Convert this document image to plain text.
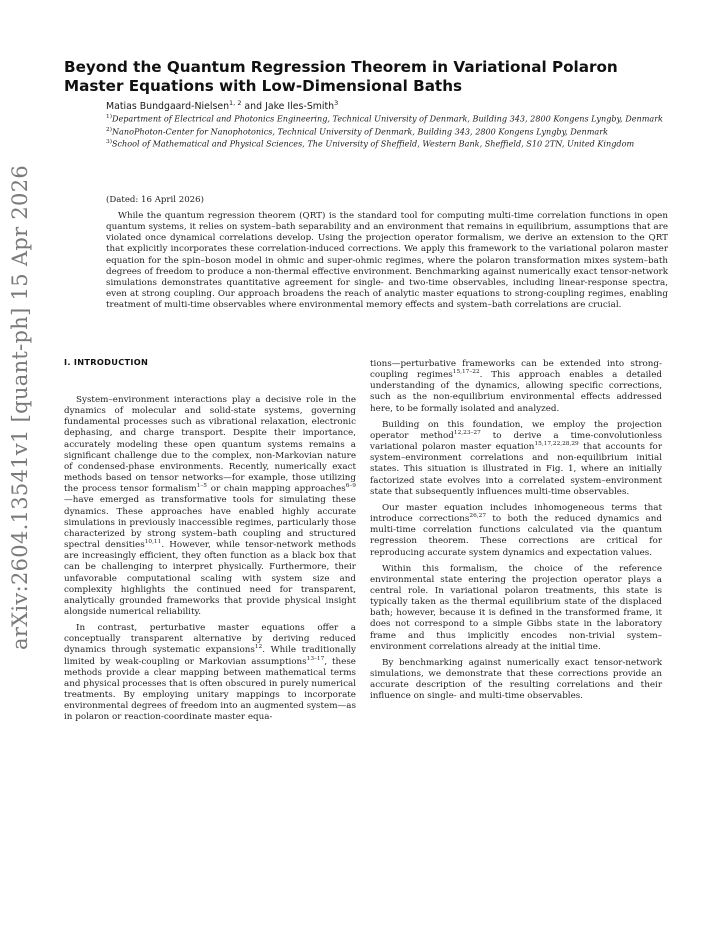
arXiv:2604.13541v1 [quant-ph] 15 Apr 2026
Beyond the Quantum Regression Theorem in Variational Polaron Master Equations with Low-Dimensional Baths
Matias Bundgaard-Nielsen$^{1, 2}$ and Jake Iles-Smith$^3$

$^{1)}$Department of Electrical and Photonics Engineering, Technical University of Denmark, Building 343, 2800 Kongens Lyngby, Denmark

$^{2)}$NanoPhoton-Center for Nanophotonics, Technical University of Denmark, Building 343, 2800 Kongens Lyngby, Denmark

$^{3)}$School of Mathematical and Physical Sciences, The University of Sheffield, Western Bank, Sheffield, S10 2TN, United Kingdom

(Dated: 16 April 2026)
While the quantum regression theorem (QRT) is the standard tool for computing multi-time correlation functions in open quantum systems, it relies on system–bath separability and an environment that remains in equilibrium, assumptions that are violated once dynamical correlations develop. Using the projection operator formalism, we derive an extension to the QRT that explicitly incorporates these correlation-induced corrections. We apply this framework to the variational polaron master equation for the spin–boson model in ohmic and super-ohmic regimes, where the polaron transformation mixes system–bath degrees of freedom to produce a non-thermal effective environment. Benchmarking against numerically exact tensor-network simulations demonstrates quantitative agreement for single- and two-time observables, including linear-response spectra, even at strong coupling. Our approach broadens the reach of analytic master equations to strong-coupling regimes, enabling treatment of multi-time observables where environmental memory effects and system–bath correlations are crucial.
I. INTRODUCTION

System–environment interactions play a decisive role in the dynamics of molecular and solid-state systems, governing fundamental processes such as vibrational relaxation, electronic dephasing, and charge transport. Despite their importance, accurately modeling these open quantum systems remains a significant challenge due to the complex, non-Markovian nature of condensed-phase environments. Recently, numerically exact methods based on tensor networks—for example, those utilizing the process tensor formalism$^{1-5}$ or chain mapping approaches$^{6-9}$—have emerged as transformative tools for simulating these dynamics. These approaches have enabled highly accurate simulations in previously inaccessible regimes, particularly those characterized by strong system–bath coupling and structured spectral densities$^{10,11}$. However, while tensor-network methods are increasingly efficient, they often function as a black box that can be challenging to interpret physically. Furthermore, their unfavorable computational scaling with system size and complexity highlights the continued need for transparent, analytically grounded frameworks that provide physical insight alongside numerical reliability.

In contrast, perturbative master equations offer a conceptually transparent alternative by deriving reduced dynamics through systematic expansions$^{12}$. While traditionally limited by weak-coupling or Markovian assumptions$^{13-17}$, these methods provide a clear mapping between mathematical terms and physical processes that is often obscured in purely numerical treatments. By employing unitary mappings to incorporate environmental degrees of freedom into an augmented system—as in polaron or reaction-coordinate master equa-

tions—perturbative frameworks can be extended into strong-coupling regimes$^{15,17-22}$. This approach enables a detailed understanding of the dynamics, allowing specific corrections, such as the non-equilibrium environmental effects addressed here, to be formally isolated and analyzed.

Building on this foundation, we employ the projection operator method$^{12,23-27}$ to derive a time-convolutionless variational polaron master equation$^{15,17,22,28,29}$ that accounts for system–environment correlations and non-equilibrium initial states. This situation is illustrated in Fig. 1, where an initially factorized state evolves into a correlated system–environment state that subsequently influences multi-time observables.

Our master equation includes inhomogeneous terms that introduce corrections$^{26,27}$ to both the reduced dynamics and multi-time correlation functions calculated via the quantum regression theorem. These corrections are critical for reproducing accurate system dynamics and expectation values.

Within this formalism, the choice of the reference environmental state entering the projection operator plays a central role. In variational polaron treatments, this state is typically taken as the thermal equilibrium state of the displaced bath; however, because it is defined in the transformed frame, it does not correspond to a simple Gibbs state in the laboratory frame and thus implicitly encodes non-trivial system–environment correlations already at the initial time.

By benchmarking against numerically exact tensor-network simulations, we demonstrate that these corrections provide an accurate description of the resulting correlations and their influence on single- and multi-time observables.
